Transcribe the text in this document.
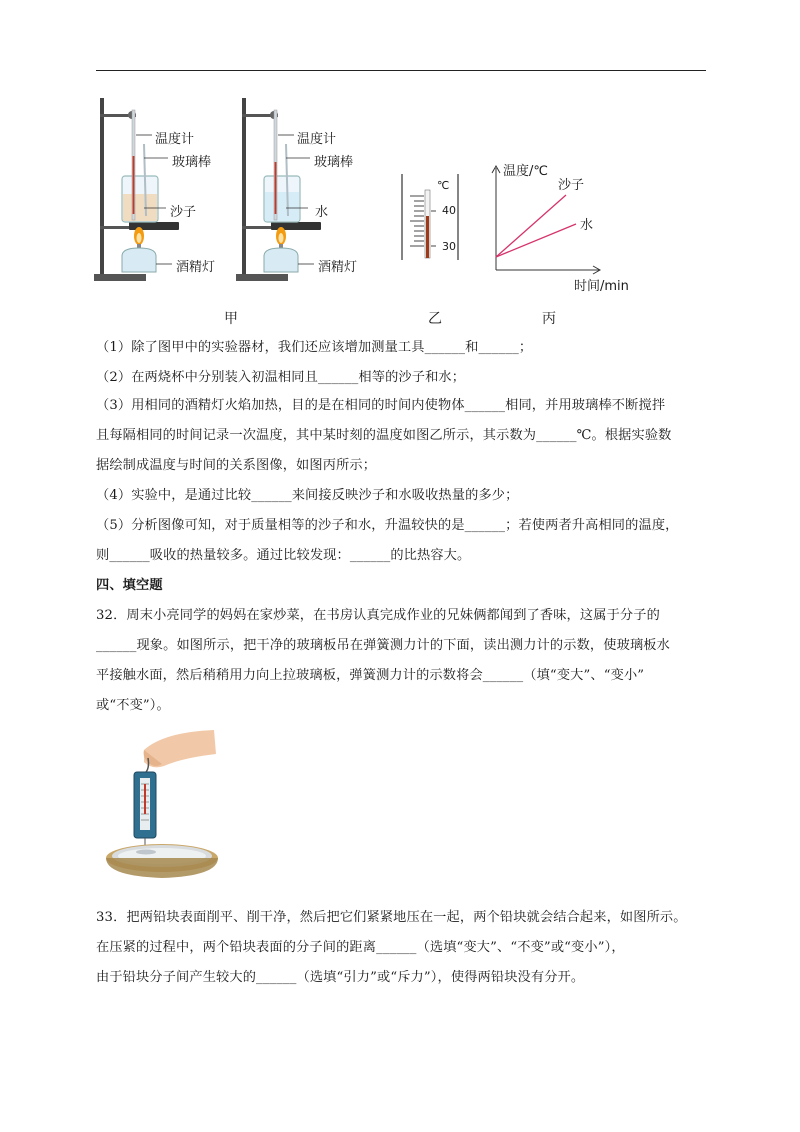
温度计
玻璃棒
沙子
酒精灯
甲
温度计
玻璃棒
水
酒精灯
℃
40
30
乙
温度/℃
沙子
水
时间/min
丙
（1）除了图甲中的实验器材，我们还应该增加测量工具______和______；
（2）在两烧杯中分别装入初温相同且______相等的沙子和水；
（3）用相同的酒精灯火焰加热，目的是在相同的时间内使物体______相同，并用玻璃棒不断搅拌
且每隔相同的时间记录一次温度，其中某时刻的温度如图乙所示，其示数为______℃。根据实验数
据绘制成温度与时间的关系图像，如图丙所示；
（4）实验中，是通过比较______来间接反映沙子和水吸收热量的多少；
（5）分析图像可知，对于质量相等的沙子和水，升温较快的是______；若使两者升高相同的温度，
则______吸收的热量较多。通过比较发现：______的比热容大。
四、填空题
32．周末小亮同学的妈妈在家炒菜，在书房认真完成作业的兄妹俩都闻到了香味，这属于分子的
______现象。如图所示，把干净的玻璃板吊在弹簧测力计的下面，读出测力计的示数，使玻璃板水
平接触水面，然后稍稍用力向上拉玻璃板，弹簧测力计的示数将会______（填“变大”、“变小”
或“不变”）。
33．把两铅块表面削平、削干净，然后把它们紧紧地压在一起，两个铅块就会结合起来，如图所示。
在压紧的过程中，两个铅块表面的分子间的距离______（选填“变大”、“不变”或“变小”），
由于铅块分子间产生较大的______（选填“引力”或“斥力”），使得两铅块没有分开。
